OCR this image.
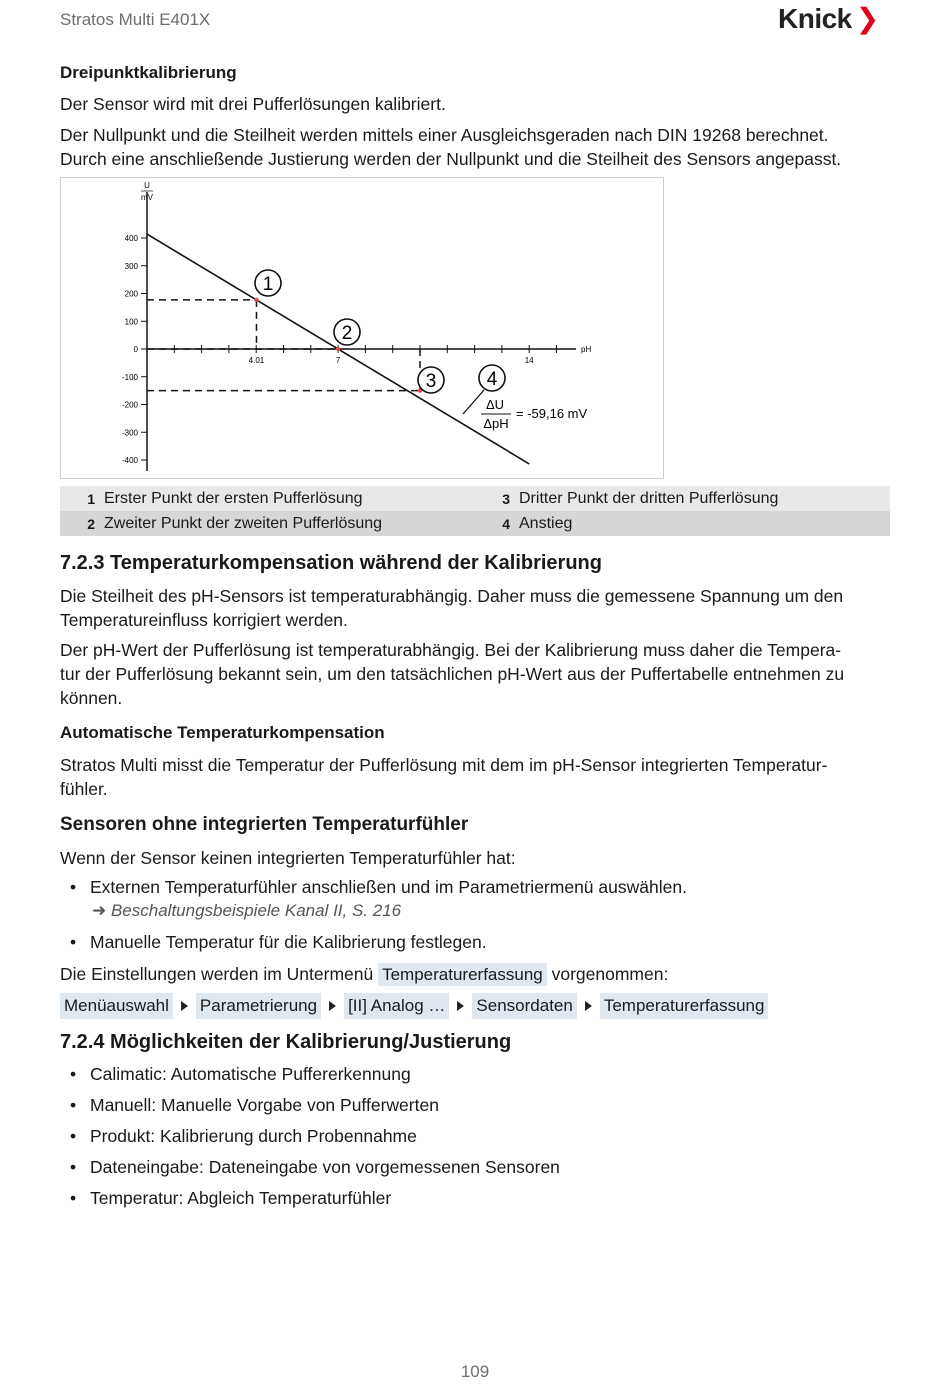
Stratos Multi E401X	Knick ❯
Dreipunktkalibrierung

Der Sensor wird mit drei Pufferlösungen kalibriert.

Der Nullpunkt und die Steilheit werden mittels einer Ausgleichsgeraden nach DIN 19268 berechnet.

Durch eine anschließende Justierung werden der Nullpunkt und die Steilheit des Sensors angepasst.

U
mV
400
300
200
100
0
-100
-200
-300
-400
pH
4.01	7	14
1
2
3	4
ΔU
ΔpH
= -59,16 mV
1 Erster Punkt der ersten Pufferlösung	3 Dritter Punkt der dritten Pufferlösung
2 Zweiter Punkt der zweiten Pufferlösung	4 Anstieg
7.2.3 Temperaturkompensation während der Kalibrierung

Die Steilheit des pH-Sensors ist temperaturabhängig. Daher muss die gemessene Spannung um den

Temperatureinfluss korrigiert werden.

Der pH-Wert der Pufferlösung ist temperaturabhängig. Bei der Kalibrierung muss daher die Tempera-

tur der Pufferlösung bekannt sein, um den tatsächlichen pH-Wert aus der Puffertabelle entnehmen zu

können.

Automatische Temperaturkompensation

Stratos Multi misst die Temperatur der Pufferlösung mit dem im pH-Sensor integrierten Temperatur-

fühler.

Sensoren ohne integrierten Temperaturfühler

Wenn der Sensor keinen integrierten Temperaturfühler hat:

• Externen Temperaturfühler anschließen und im Parametriermenü auswählen.
➜ Beschaltungsbeispiele Kanal II, S. 216
• Manuelle Temperatur für die Kalibrierung festlegen.

Die Einstellungen werden im Untermenü Temperaturerfassung vorgenommen:

Menüauswahl Parametrierung [II] Analog … Sensordaten Temperaturerfassung
7.2.4 Möglichkeiten der Kalibrierung/Justierung
• Calimatic: Automatische Puffererkennung
• Manuell: Manuelle Vorgabe von Pufferwerten
• Produkt: Kalibrierung durch Probennahme
• Dateneingabe: Dateneingabe von vorgemessenen Sensoren
• Temperatur: Abgleich Temperaturfühler
109
